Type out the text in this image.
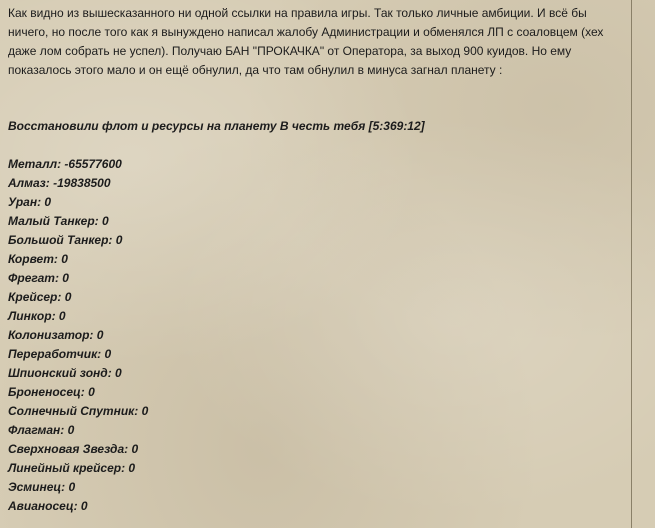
Как видно из вышесказанного ни одной ссылки на правила игры. Так только личные амбиции. И всё бы ничего, но после того как я вынуждено написал жалобу Администрации и обменялся ЛП с соаловцем (хех даже лом собрать не успел). Получаю БАН "ПРОКАЧКА" от Оператора, за выход 900 куидов. Но ему показалось этого мало и он ещё обнулил, да что там обнулил в минуса загнал планету :

Восстановили флот и ресурсы на планету В честь тебя [5:369:12]

Металл: -65577600
Алмаз: -19838500
Уран: 0
Малый Танкер: 0
Большой Танкер: 0
Корвет: 0
Фрегат: 0
Крейсер: 0
Линкор: 0
Колонизатор: 0
Переработчик: 0
Шпионский зонд: 0
Броненосец: 0
Солнечный Спутник: 0
Флагман: 0
Сверхновая Звезда: 0
Линейный крейсер: 0
Эсминец: 0
Авианосец: 0
